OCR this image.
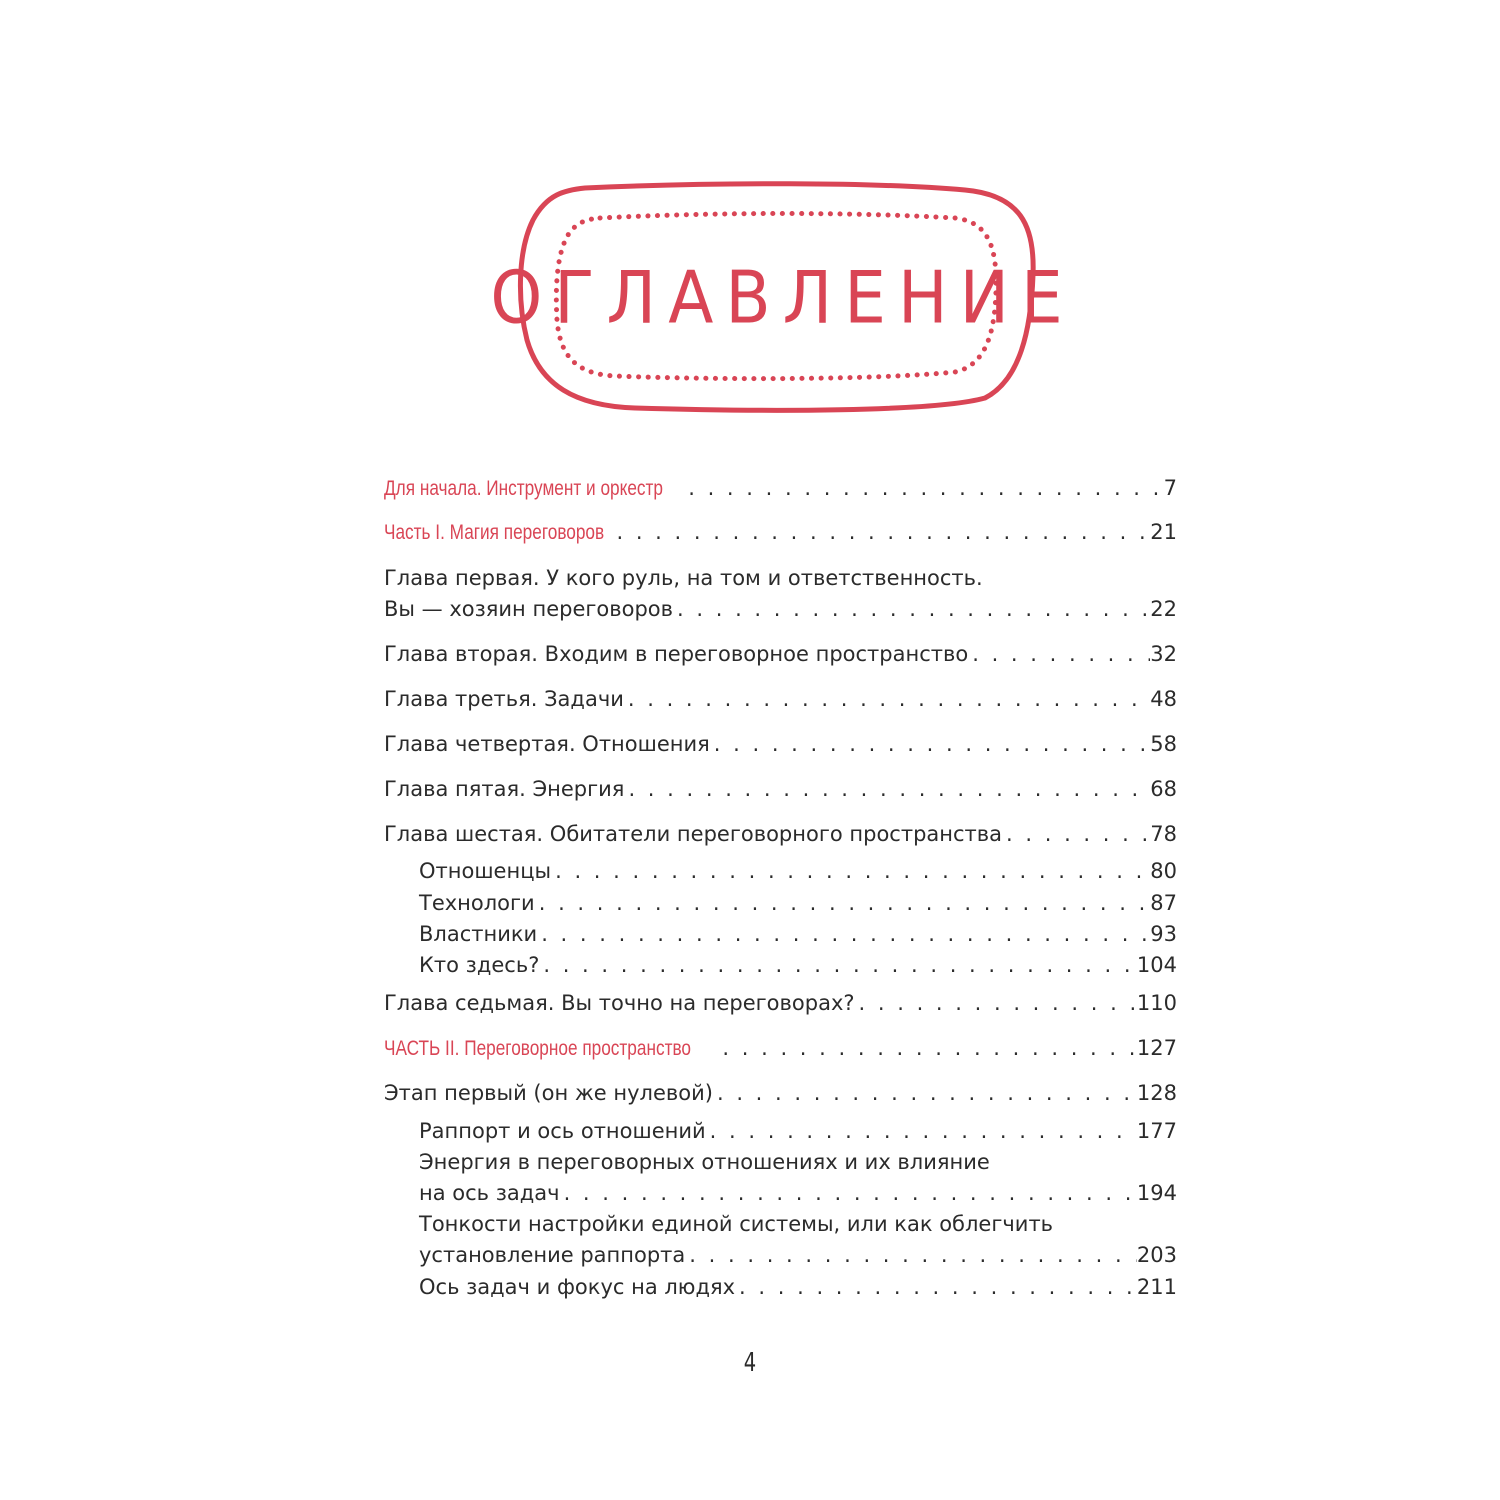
ОГЛАВЛЕНИЕ
Для начала. Инструмент и оркестр . . .	7
Часть I. Магия переговоров . . .	21
Глава первая. У кого руль, на том и ответственность.
Вы — хозяин переговоров . . .	22
Глава вторая. Входим в переговорное пространство . . .	32
Глава третья. Задачи . . .	48
Глава четвертая. Отношения . . .	58
Глава пятая. Энергия . . .	68
Глава шестая. Обитатели переговорного пространства . . .	78
Отношенцы . . .	80
Технологи . . .	87
Властники . . .	93
Кто здесь? . . .	104
Глава седьмая. Вы точно на переговорах? . . .	110
ЧАСТЬ II. Переговорное пространство . . .	127
Этап первый (он же нулевой) . . .	128
Раппорт и ось отношений . . .	177
Энергия в переговорных отношениях и их влияние
на ось задач . . .	194
Тонкости настройки единой системы, или как облегчить
установление раппорта . . .	203
Ось задач и фокус на людях . . .	211
4
